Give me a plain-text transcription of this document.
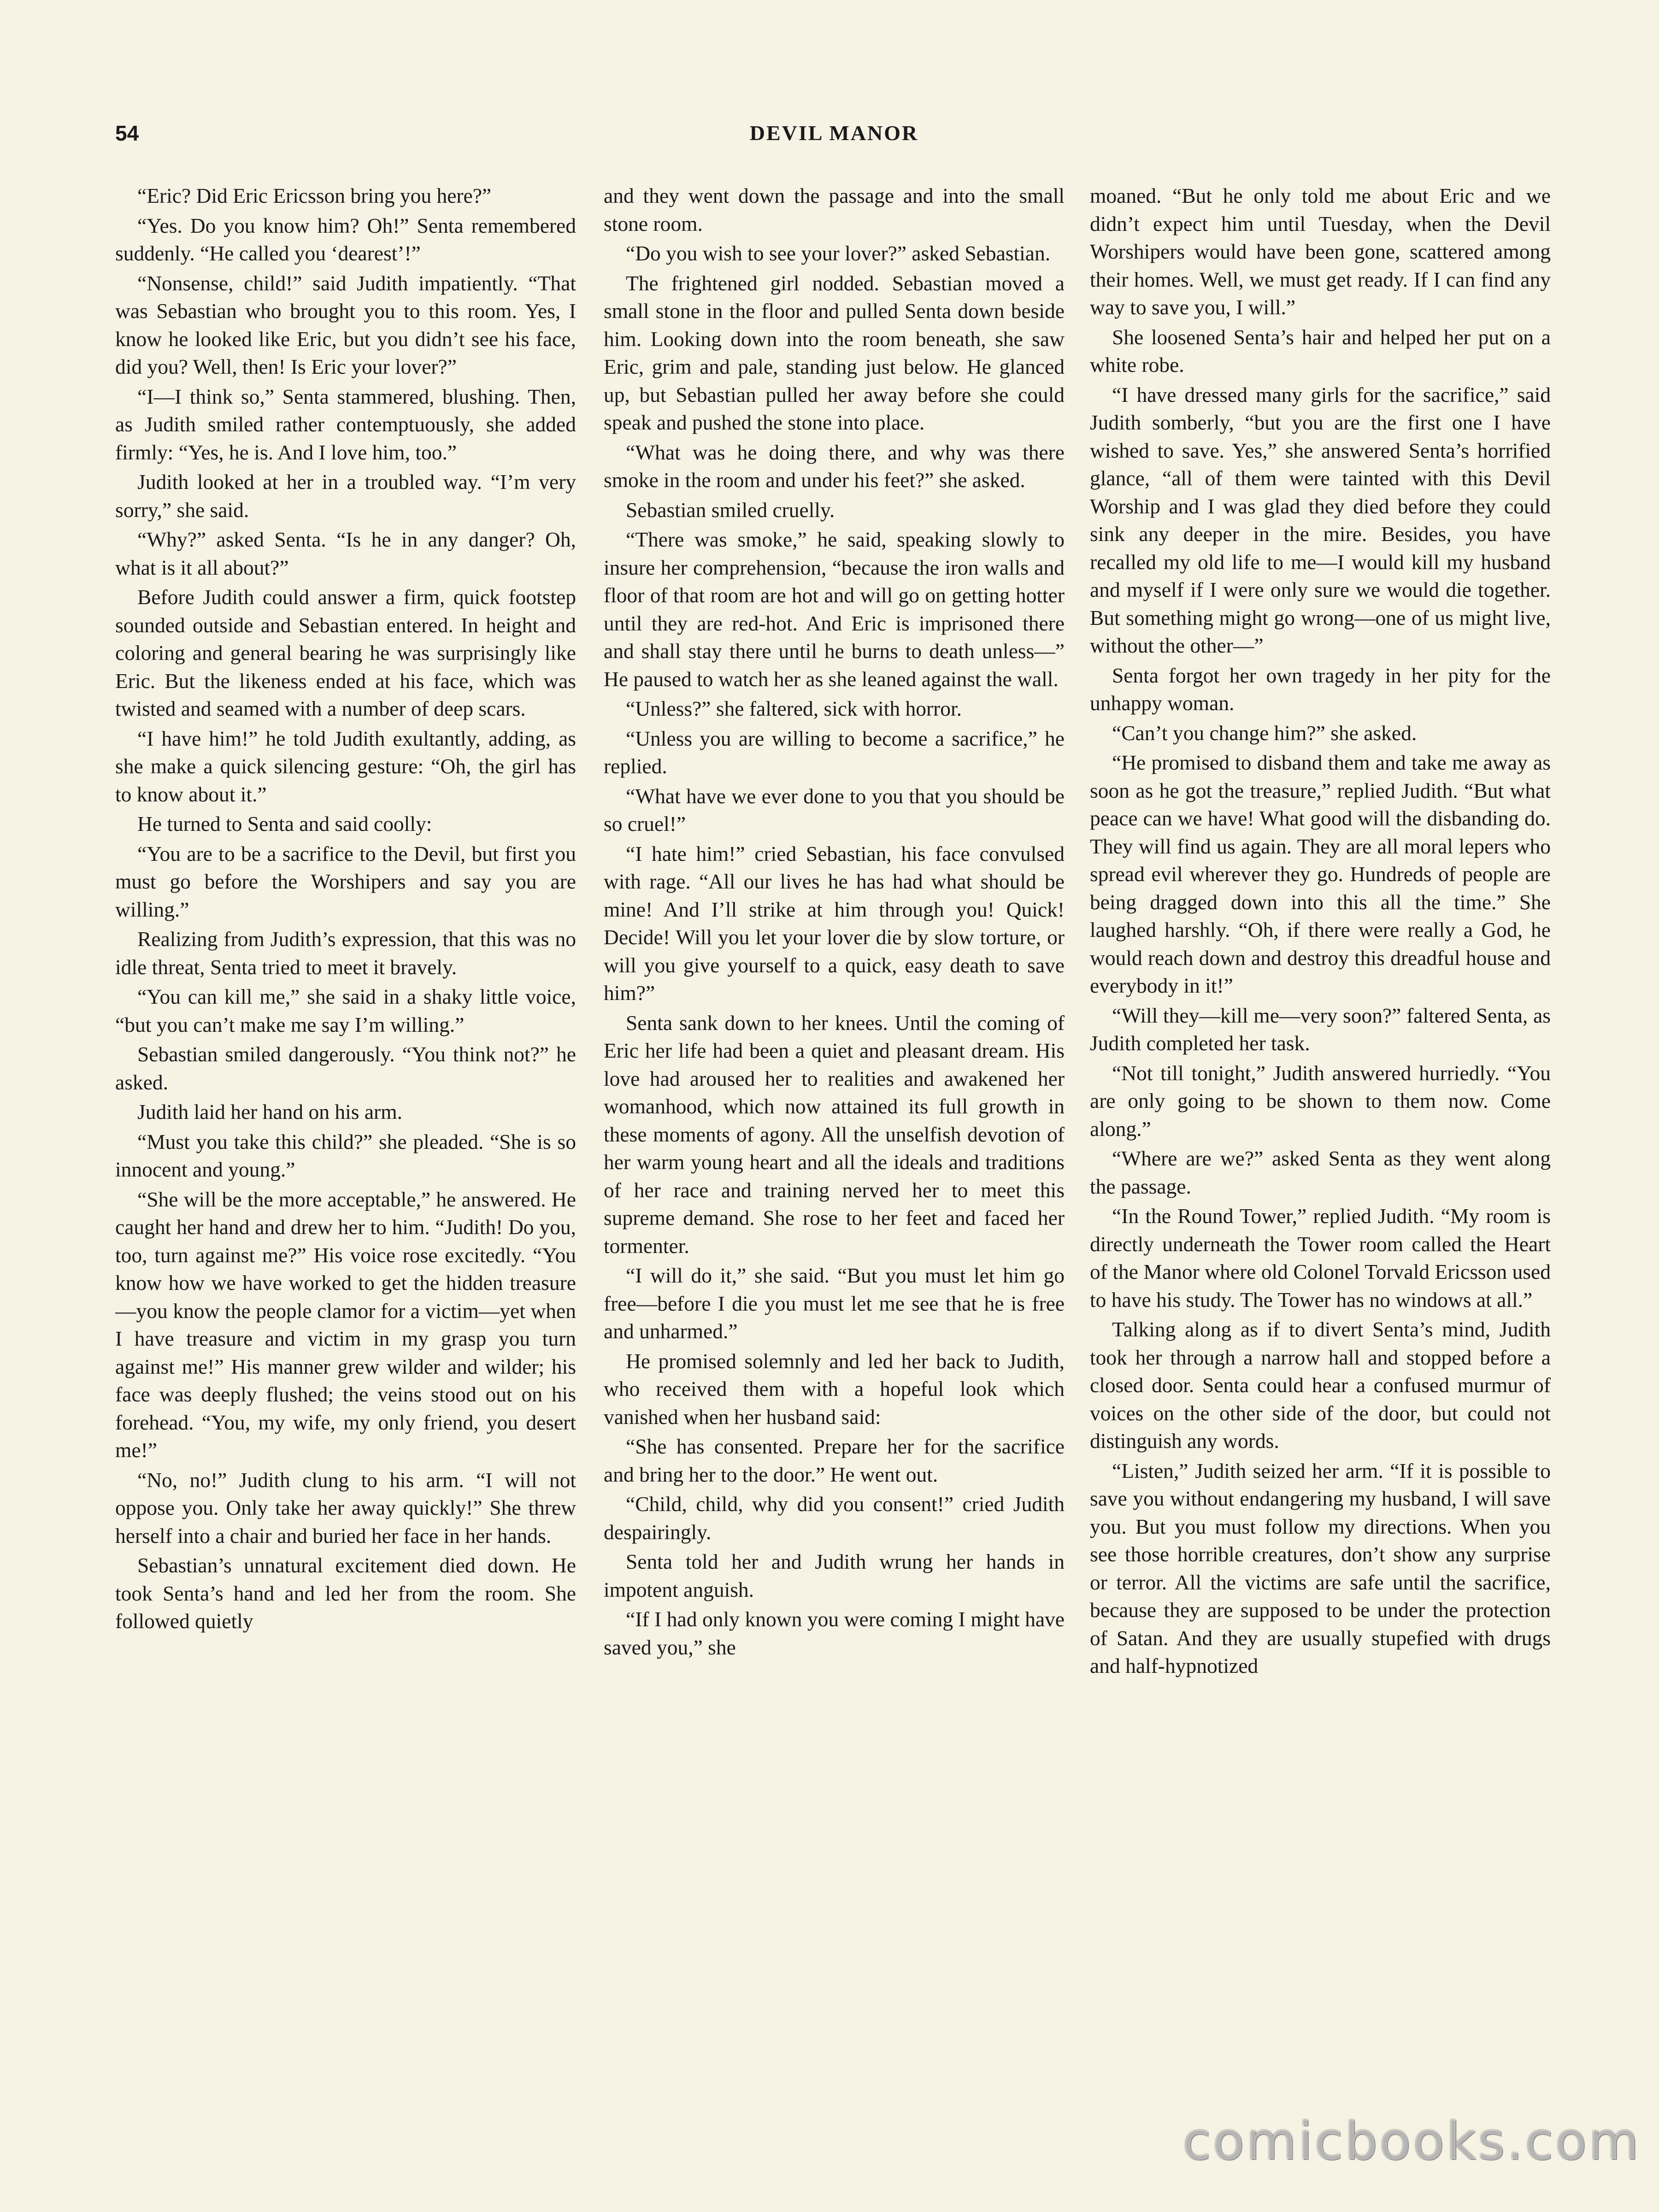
54	DEVIL MANOR

“Eric? Did Eric Ericsson bring you here?”

“Yes. Do you know him? Oh!” Senta remembered suddenly. “He called you ‘dearest’!”

“Nonsense, child!” said Judith impatiently. “That was Sebastian who brought you to this room. Yes, I know he looked like Eric, but you didn’t see his face, did you? Well, then! Is Eric your lover?”

“I—I think so,” Senta stammered, blushing. Then, as Judith smiled rather contemptuously, she added firmly: “Yes, he is. And I love him, too.”

Judith looked at her in a troubled way. “I’m very sorry,” she said.

“Why?” asked Senta. “Is he in any danger? Oh, what is it all about?”

Before Judith could answer a firm, quick footstep sounded outside and Sebastian entered. In height and coloring and general bearing he was surprisingly like Eric. But the likeness ended at his face, which was twisted and seamed with a number of deep scars.

“I have him!” he told Judith exultantly, adding, as she make a quick silencing gesture: “Oh, the girl has to know about it.”

He turned to Senta and said coolly:

“You are to be a sacrifice to the Devil, but first you must go before the Worshipers and say you are willing.”

Realizing from Judith’s expression, that this was no idle threat, Senta tried to meet it bravely.

“You can kill me,” she said in a shaky little voice, “but you can’t make me say I’m willing.”

Sebastian smiled dangerously. “You think not?” he asked.

Judith laid her hand on his arm.

“Must you take this child?” she pleaded. “She is so innocent and young.”

“She will be the more acceptable,” he answered. He caught her hand and drew her to him. “Judith! Do you, too, turn against me?” His voice rose excitedly. “You know how we have worked to get the hidden treasure—you know the people clamor for a victim—yet when I have treasure and victim in my grasp you turn against me!” His manner grew wilder and wilder; his face was deeply flushed; the veins stood out on his forehead. “You, my wife, my only friend, you desert me!”

“No, no!” Judith clung to his arm. “I will not oppose you. Only take her away quickly!” She threw herself into a chair and buried her face in her hands.

Sebastian’s unnatural excitement died down. He took Senta’s hand and led her from the room. She followed quietly

and they went down the passage and into the small stone room.

“Do you wish to see your lover?” asked Sebastian.

The frightened girl nodded. Sebastian moved a small stone in the floor and pulled Senta down beside him. Looking down into the room beneath, she saw Eric, grim and pale, standing just below. He glanced up, but Sebastian pulled her away before she could speak and pushed the stone into place.

“What was he doing there, and why was there smoke in the room and under his feet?” she asked.

Sebastian smiled cruelly.

“There was smoke,” he said, speaking slowly to insure her comprehension, “because the iron walls and floor of that room are hot and will go on getting hotter until they are red-hot. And Eric is imprisoned there and shall stay there until he burns to death unless—” He paused to watch her as she leaned against the wall.

“Unless?” she faltered, sick with horror.

“Unless you are willing to become a sacrifice,” he replied.

“What have we ever done to you that you should be so cruel!”

“I hate him!” cried Sebastian, his face convulsed with rage. “All our lives he has had what should be mine! And I’ll strike at him through you! Quick! Decide! Will you let your lover die by slow torture, or will you give yourself to a quick, easy death to save him?”

Senta sank down to her knees. Until the coming of Eric her life had been a quiet and pleasant dream. His love had aroused her to realities and awakened her womanhood, which now attained its full growth in these moments of agony. All the unselfish devotion of her warm young heart and all the ideals and traditions of her race and training nerved her to meet this supreme demand. She rose to her feet and faced her tormenter.

“I will do it,” she said. “But you must let him go free—before I die you must let me see that he is free and unharmed.”

He promised solemnly and led her back to Judith, who received them with a hopeful look which vanished when her husband said:

“She has consented. Prepare her for the sacrifice and bring her to the door.” He went out.

“Child, child, why did you consent!” cried Judith despairingly.

Senta told her and Judith wrung her hands in impotent anguish.

“If I had only known you were coming I might have saved you,” she

moaned. “But he only told me about Eric and we didn’t expect him until Tuesday, when the Devil Worshipers would have been gone, scattered among their homes. Well, we must get ready. If I can find any way to save you, I will.”

She loosened Senta’s hair and helped her put on a white robe.

“I have dressed many girls for the sacrifice,” said Judith somberly, “but you are the first one I have wished to save. Yes,” she answered Senta’s horrified glance, “all of them were tainted with this Devil Worship and I was glad they died before they could sink any deeper in the mire. Besides, you have recalled my old life to me—I would kill my husband and myself if I were only sure we would die together. But something might go wrong—one of us might live, without the other—”

Senta forgot her own tragedy in her pity for the unhappy woman.

“Can’t you change him?” she asked.

“He promised to disband them and take me away as soon as he got the treasure,” replied Judith. “But what peace can we have! What good will the disbanding do. They will find us again. They are all moral lepers who spread evil wherever they go. Hundreds of people are being dragged down into this all the time.” She laughed harshly. “Oh, if there were really a God, he would reach down and destroy this dreadful house and everybody in it!”

“Will they—kill me—very soon?” faltered Senta, as Judith completed her task.

“Not till tonight,” Judith answered hurriedly. “You are only going to be shown to them now. Come along.”

“Where are we?” asked Senta as they went along the passage.

“In the Round Tower,” replied Judith. “My room is directly underneath the Tower room called the Heart of the Manor where old Colonel Torvald Ericsson used to have his study. The Tower has no windows at all.”

Talking along as if to divert Senta’s mind, Judith took her through a narrow hall and stopped before a closed door. Senta could hear a confused murmur of voices on the other side of the door, but could not distinguish any words.

“Listen,” Judith seized her arm. “If it is possible to save you without endangering my husband, I will save you. But you must follow my directions. When you see those horrible creatures, don’t show any surprise or terror. All the victims are safe until the sacrifice, because they are supposed to be under the protection of Satan. And they are usually stupefied with drugs and half-hypnotized

comicbooks.com
